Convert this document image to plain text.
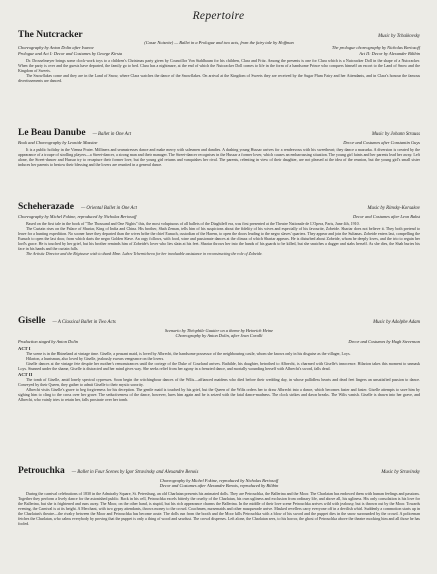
Repertoire
The Nutcracker	Music by Tchaikovsky
(Casse Noisette) — Ballet in a Prologue and two acts, from the fairy tale by Hoffman
Choreography by Anton Dolin after Ivanov	The prologue choreography by Nicholas Beriosoff
Prologue and Act I: Decor and Costumes by George Kirsta	Act II: Decor by Alexander Bilibin

Dr. Drosselmeyer brings some clock-work toys to a children's Christmas party given by Councillor Von Stahlbaum for his children, Clara and Fritz. Among the presents is one for Clara which is a Nutcracker Doll in the shape of a Nutcracker. When the party is over and the guests have departed, the family go to bed. Clara has a nightmare, at the end of which the Nutcracker Doll comes to life in the form of a handsome Prince who conquers himself an escort to the Land of Snow and the Kingdom of Sweets.

The Snowflakes come and they are in the Land of Snow, where Clara watches the dance of the Snowflakes. On arrival at the Kingdom of Sweets they are received by the Sugar Plum Fairy and her Attendants, and in Clara's honour the famous divertissements are danced.

Le Beau Danube — Ballet in One Act	Music by Johann Strauss
Book and Choreography by Leonide Massine	Decor and Costumes after Constantin Guys

It is a public holiday in the Vienna Prater. Milliners and seamstresses dance and make merry with salesmen and dandies. A dashing young Hussar arrives for a rendezvous with his sweetheart; they dance a mazurka. A diversion is created by the appearance of a troupe of strolling players—a Street-dancer, a strong man and their manager. The Street-dancer recognises in the Hussar a former lover, which causes an embarrassing situation. The young girl faints and her parents lead her away. Left alone, the Street-dancer and Hussar try to recapture their former love, but the young girl returns and vanquishes her rival. The parents, relenting in view of their daughter, are not pleased at the idea of the reunion, but the young girl's small sister induces her parents to bestow their blessing and the lovers are reunited in a general dance.

Scheherazade — Oriental Ballet in One Act	Music by Rimsky-Korsakov
Choreography by Michel Fokine, reproduced by Nicholas Beriosoff	Decor and Costumes after Leon Bakst

Based on the first tale in the book of "The Thousand and One Nights" this, the most voluptuous of all ballets of the Diaghileff era, was first presented at the Theatre Nationale de L'Opera, Paris, June 4th, 1910.

The Curtain rises on the Palace of Shariar, King of India and China. His brother, Shah Zeman, tells him of his suspicions about the fidelity of his wives and especially of his favourite, Zobeide. Shariar does not believe it. They both pretend to leave for a hunting expedition. No sooner have they departed than the wives bribe the chief Eunuch, custodian of the Harem, to open the doors leading to the negro slaves' quarters. They appear and join the Sultanas. Zobeide enters last, compelling the Eunuch to open the last door, from which darts the negro Golden Slave. An orgy follows, with food, wine and passionate dances at the climax of which Shariar appears. He is disturbed about Zobeide, whom he deeply loves, and the trio to regain her lord's grace. He is touched by her grief, but his brother reminds him of Zobeide's lover who lies slain at his feet. Shariar throws her into the hands of his guards to be killed, but she snatches a dagger and stabs herself. As she dies, the Shah buries his face in his hands and the curtain falls.

The Artistic Director and the Régisseur wish to thank Mme. Lubov Tchernicheva for her invaluable assistance in reconstructing the role of Zobeide.

Giselle — A Classical Ballet in Two Acts	Music by Adolphe Adam
Scenario by Théophile Gautier on a theme by Heinrich Heine
Choreography by Anton Dolin, after Jean Coralli
Production staged by Anton Dolin	Decor and Costumes by Hugh Stevenson
ACT I

The scene is in the Rhineland at vintage time. Giselle, a peasant maid, is loved by Albrecht, the handsome possessor of the neighbouring castle, whom she knows only in his disguise as the villager, Loys.

Hilarion, a huntsman, also loved by Giselle, jealously swears vengeance on the lovers.

Giselle dances at the vintage fete despite her mother's remonstrances until the cortege of the Duke of Courland arrives. Bathilde, his daughter, betrothed to Albrecht, is charmed with Giselle's innocence. Hilarion takes this moment to unmask Loys. Stunned under the shame, Giselle is distracted and her mind gives way. She seeks relief from her agony in a frenzied dance, and mortally wounding herself with Albrecht's sword, falls dead.

ACT II

The tomb of Giselle, amid lonely spectral cypresses. Soon begin the witchingbour dances of the Wilis—affianced maidens who died before their wedding day, in whose pallidless hearts and dead feet lingers an unsatisfied passion to dance. Conveyed by their Queen, they gather to admit Giselle to their mystic sorority.

Albrecht visits Giselle's grave to beg forgiveness for his deception. The gentle maid is touched by his grief, but the Queen of the Wilis orders her to draw Albrecht into a dance, which becomes faster and faster. Giselle attempts to save him by sighing him to cling to the cross over her grave. The seductiveness of the dance, however, lures him again and he is seized with the fatal dance-madness. The clock strikes and dawn breaks. The Wilis vanish. Giselle is drawn into her grave, and Albrecht, who vainly tries to retain her, falls prostrate over her tomb.

Petrouchka — Ballet in Four Scenes by Igor Stravinsky and Alexandre Benois	Music by Stravinsky
Choreography by Michel Fokine, reproduced by Nicholas Beriosoff
Decor and Costumes after Alexandre Benois, reproduced by Bilibin

During the carnival celebrations of 1830 in the Admiralty Square, St. Petersburg, an old Charlatan presents his animated dolls. They are Petrouchka, the Ballerina and the Moor. The Charlatan has endowed them with human feelings and passions. Together they perform a lively dance for the astonished public. Back in his cell, Petrouchka excels bitterly the cruelty of the Charlatan, his own ugliness and exclusion from ordinary life, and above all, his ugliness. His only consolation is his love for the Ballerina, but she is frightened and runs away. The Moor, on the other hand, is stupid, but his rich appearance charms the Ballerina. In the middle of their love scene Petrouchka arrives wild with jealousy, but is thrown out by the Moor. Towards evening, the Carnival is at its height. A Merchant, with two gypsy attendants, throws money to the crowd. Coachmen, nursemaids and other masquerade arrive. Masked revellers carry everyone off in a devilish whirl. Suddenly a commotion starts up in the Charlatan's theatre—the rivalry between the Moor and Petrouchka has become acute. The dolls run from the booth and the Moor kills Petrouchka with a blow of his sword and the puppet dies in the snow surrounded by the crowd. A policeman fetches the Charlatan, who calms everybody by proving that the puppet is only a thing of wood and sawdust. The crowd disperses. Left alone, the Charlatan sees, to his horror, the ghost of Petrouchka above the theatre mocking him and all those he has fooled.
